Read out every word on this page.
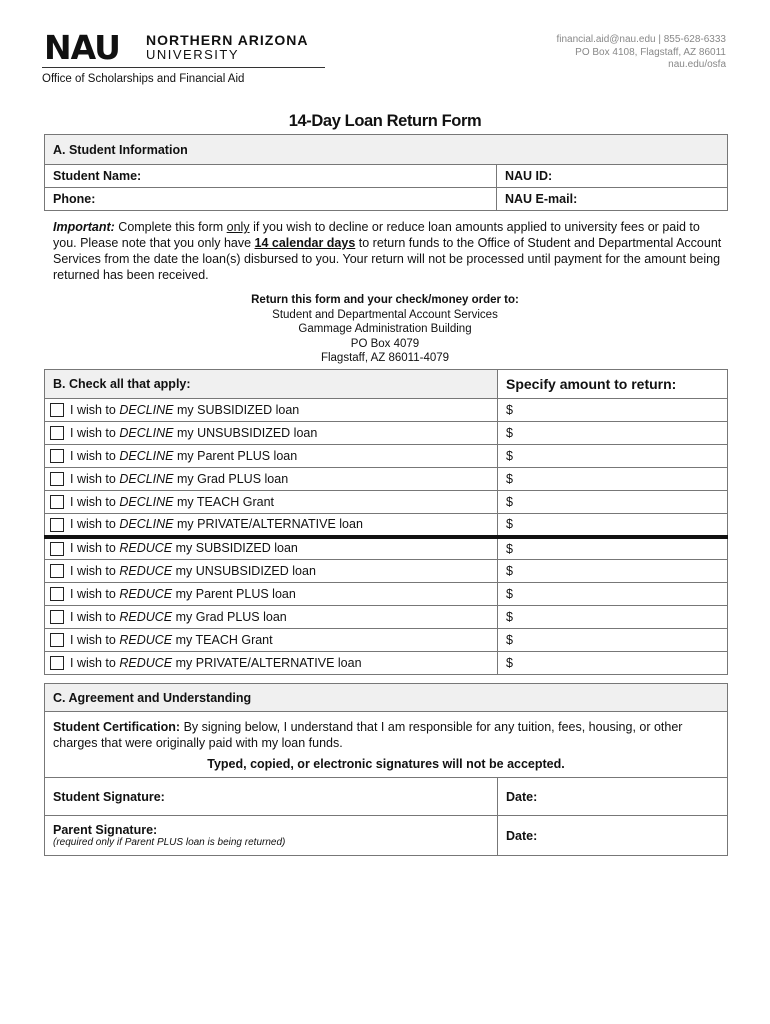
NAU NORTHERN ARIZONA
UNIVERSITY
Office of Scholarships and Financial Aid
financial.aid@nau.edu | 855-628-6333
PO Box 4108, Flagstaff, AZ 86011
nau.edu/osfa
14-Day Loan Return Form
A. Student Information	
Student Name:	NAU ID:
Phone:	NAU E-mail:
Important: Complete this form only if you wish to decline or reduce loan amounts applied to university fees or paid to you. Please note that you only have 14 calendar days to return funds to the Office of Student and Departmental Account Services from the date the loan(s) disbursed to you. Your return will not be processed until payment for the amount being returned has been received.
Return this form and your check/money order to:
Student and Departmental Account Services
Gammage Administration Building
PO Box 4079
Flagstaff, AZ 86011-4079
B. Check all that apply:	Specify amount to return:
I wish to DECLINE my SUBSIDIZED loan	$
I wish to DECLINE my UNSUBSIDIZED loan	$
I wish to DECLINE my Parent PLUS loan	$
I wish to DECLINE my Grad PLUS loan	$
I wish to DECLINE my TEACH Grant	$
I wish to DECLINE my PRIVATE/ALTERNATIVE loan	$
I wish to REDUCE my SUBSIDIZED loan	$
I wish to REDUCE my UNSUBSIDIZED loan	$
I wish to REDUCE my Parent PLUS loan	$
I wish to REDUCE my Grad PLUS loan	$
I wish to REDUCE my TEACH Grant	$
I wish to REDUCE my PRIVATE/ALTERNATIVE loan	$
C. Agreement and Understanding	
Student Certification: By signing below, I understand that I am responsible for any tuition, fees, housing, or other charges that were originally paid with my loan funds.
Typed, copied, or electronic signatures will not be accepted.	

Student Signature:	Date:

Parent Signature:
(required only if Parent PLUS loan is being returned)	Date:
